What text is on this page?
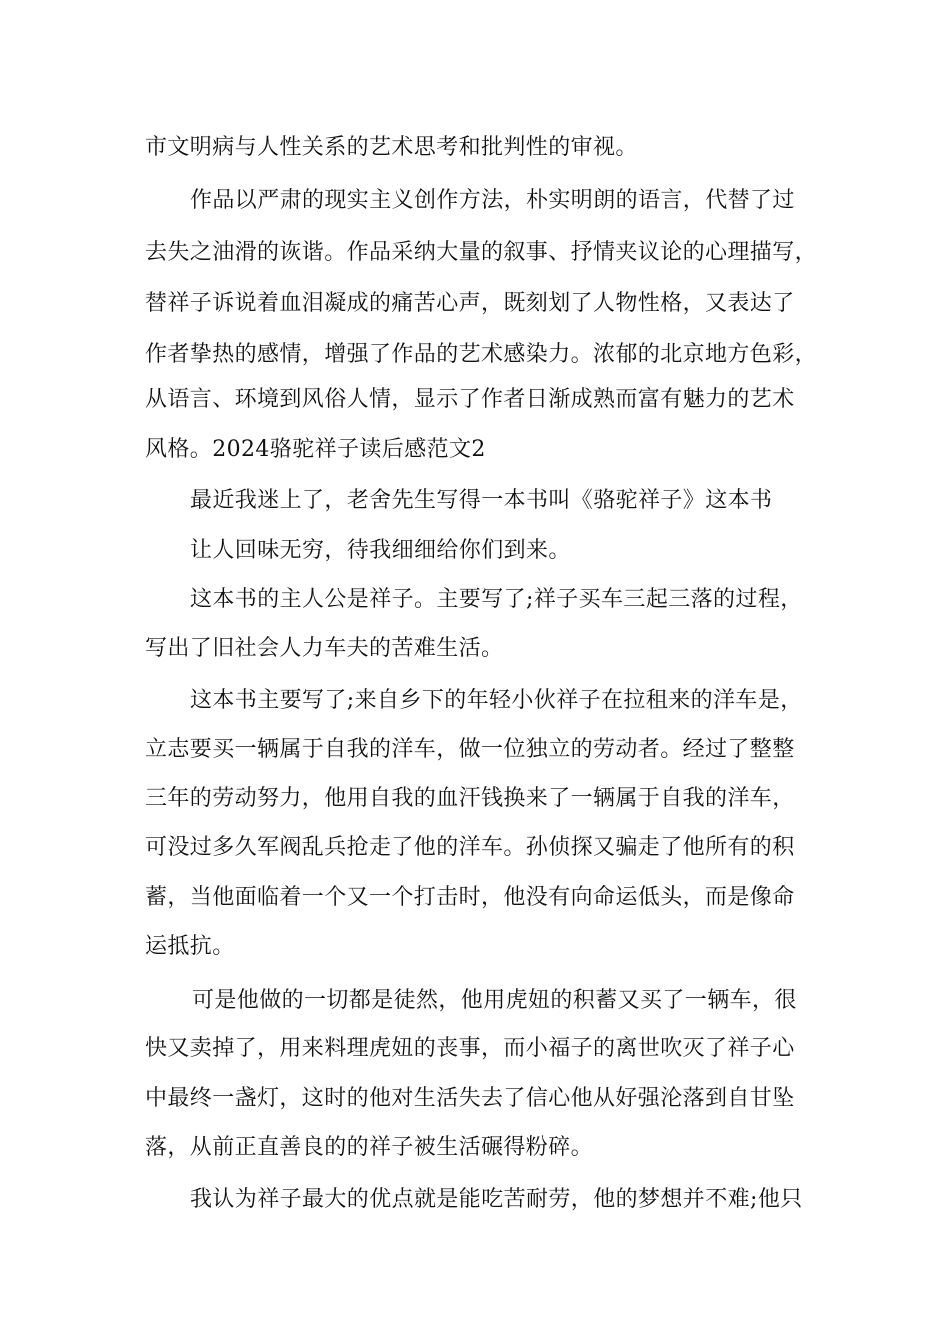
市文明病与人性关系的艺术思考和批判性的审视。
作品以严肃的现实主义创作方法，朴实明朗的语言，代替了过
去失之油滑的诙谐。作品采纳大量的叙事、抒情夹议论的心理描写，
替祥子诉说着血泪凝成的痛苦心声，既刻划了人物性格，又表达了
作者挚热的感情，增强了作品的艺术感染力。浓郁的北京地方色彩，
从语言、环境到风俗人情，显示了作者日渐成熟而富有魅力的艺术
风格。2024骆驼祥子读后感范文2
最近我迷上了，老舍先生写得一本书叫《骆驼祥子》这本书
让人回味无穷，待我细细给你们到来。
这本书的主人公是祥子。主要写了;祥子买车三起三落的过程，
写出了旧社会人力车夫的苦难生活。
这本书主要写了;来自乡下的年轻小伙祥子在拉租来的洋车是，
立志要买一辆属于自我的洋车，做一位独立的劳动者。经过了整整
三年的劳动努力，他用自我的血汗钱换来了一辆属于自我的洋车，
可没过多久军阀乱兵抢走了他的洋车。孙侦探又骗走了他所有的积
蓄，当他面临着一个又一个打击时，他没有向命运低头，而是像命
运抵抗。
可是他做的一切都是徒然，他用虎妞的积蓄又买了一辆车，很
快又卖掉了，用来料理虎妞的丧事，而小福子的离世吹灭了祥子心
中最终一盏灯，这时的他对生活失去了信心他从好强沦落到自甘坠
落，从前正直善良的的祥子被生活碾得粉碎。
我认为祥子最大的优点就是能吃苦耐劳，他的梦想并不难;他只
